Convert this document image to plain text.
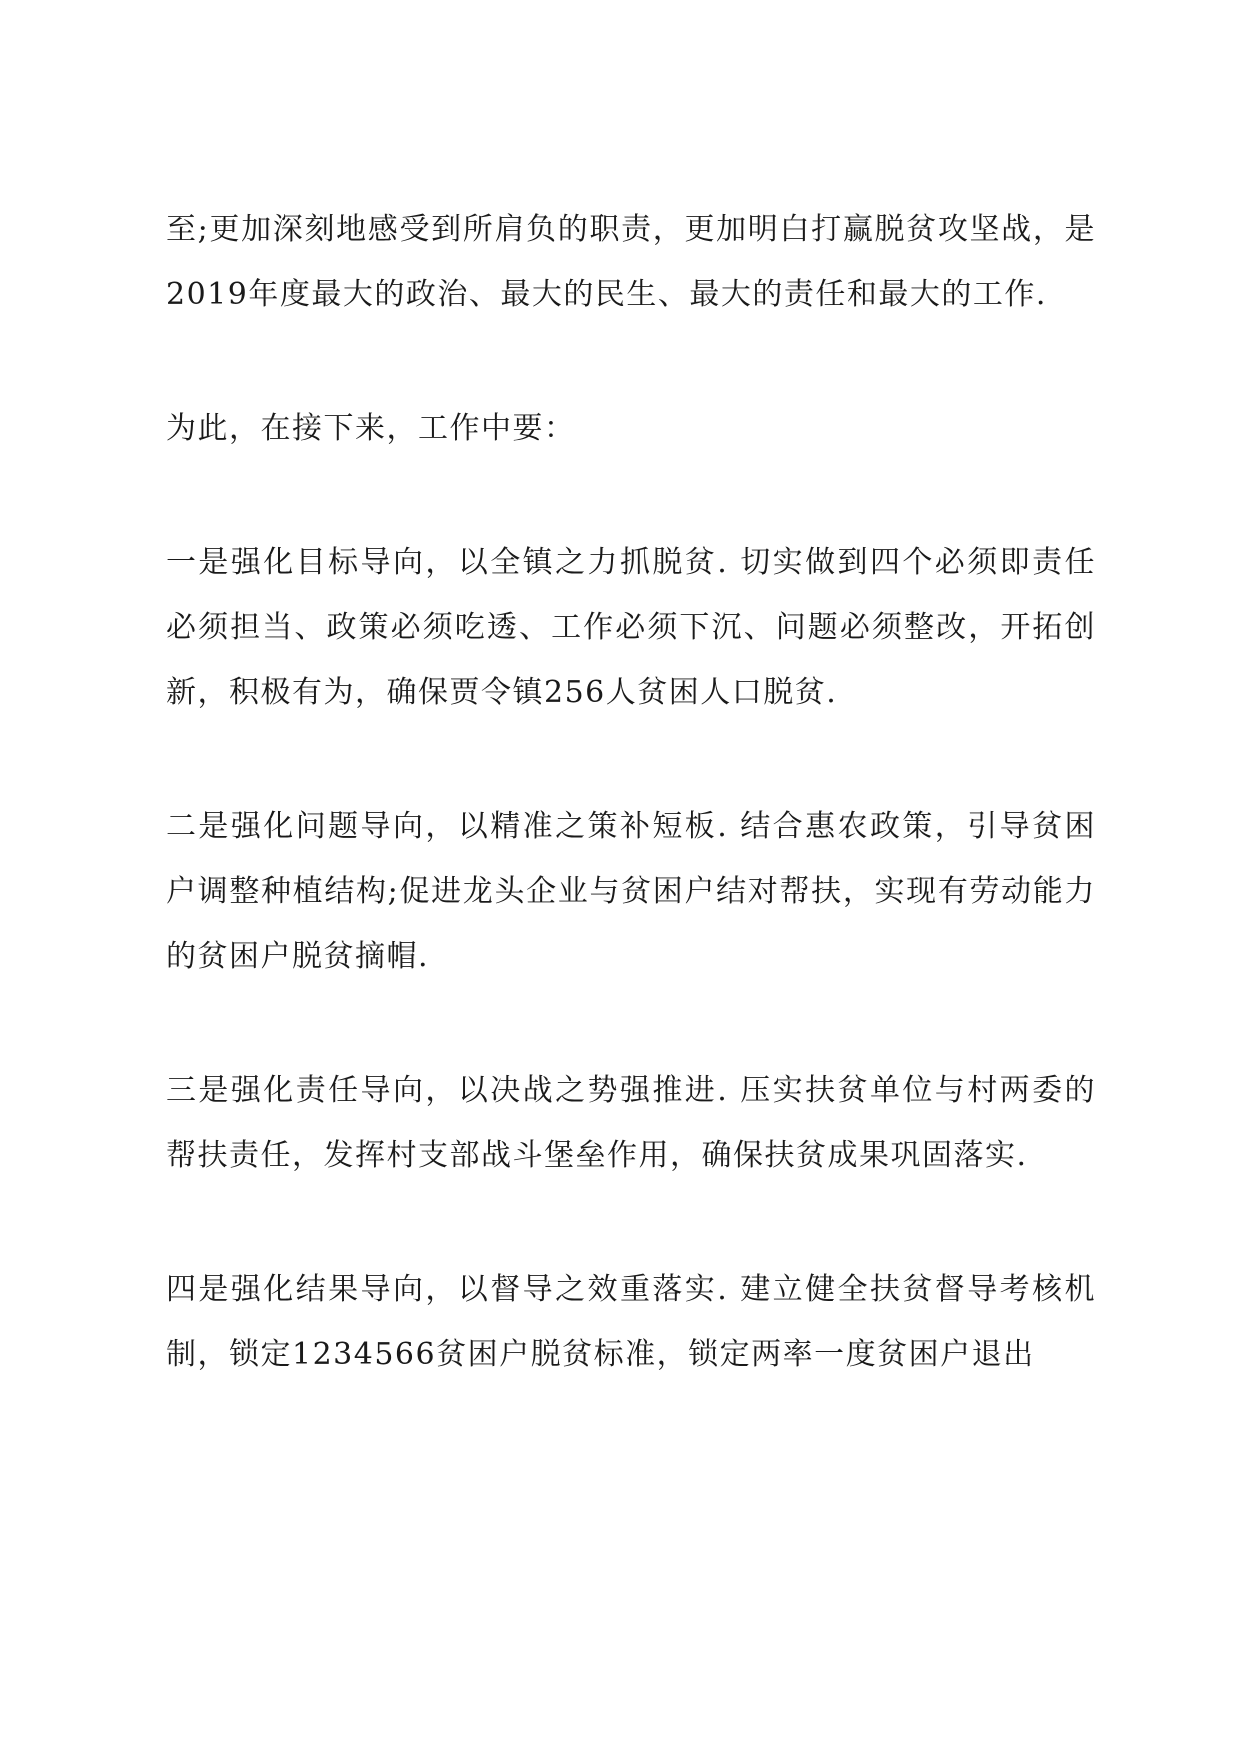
至;更加深刻地感受到所肩负的职责，更加明白打赢脱贫攻坚战，是2019年度最大的政治、最大的民生、最大的责任和最大的工作.

为此，在接下来，工作中要：

一是强化目标导向，以全镇之力抓脱贫. 切实做到四个必须即责任必须担当、政策必须吃透、工作必须下沉、问题必须整改，开拓创新，积极有为，确保贾令镇256人贫困人口脱贫.

二是强化问题导向，以精准之策补短板. 结合惠农政策，引导贫困户调整种植结构;促进龙头企业与贫困户结对帮扶，实现有劳动能力的贫困户脱贫摘帽.

三是强化责任导向，以决战之势强推进. 压实扶贫单位与村两委的帮扶责任，发挥村支部战斗堡垒作用，确保扶贫成果巩固落实.

四是强化结果导向，以督导之效重落实. 建立健全扶贫督导考核机制，锁定1234566贫困户脱贫标准，锁定两率一度贫困户退出
